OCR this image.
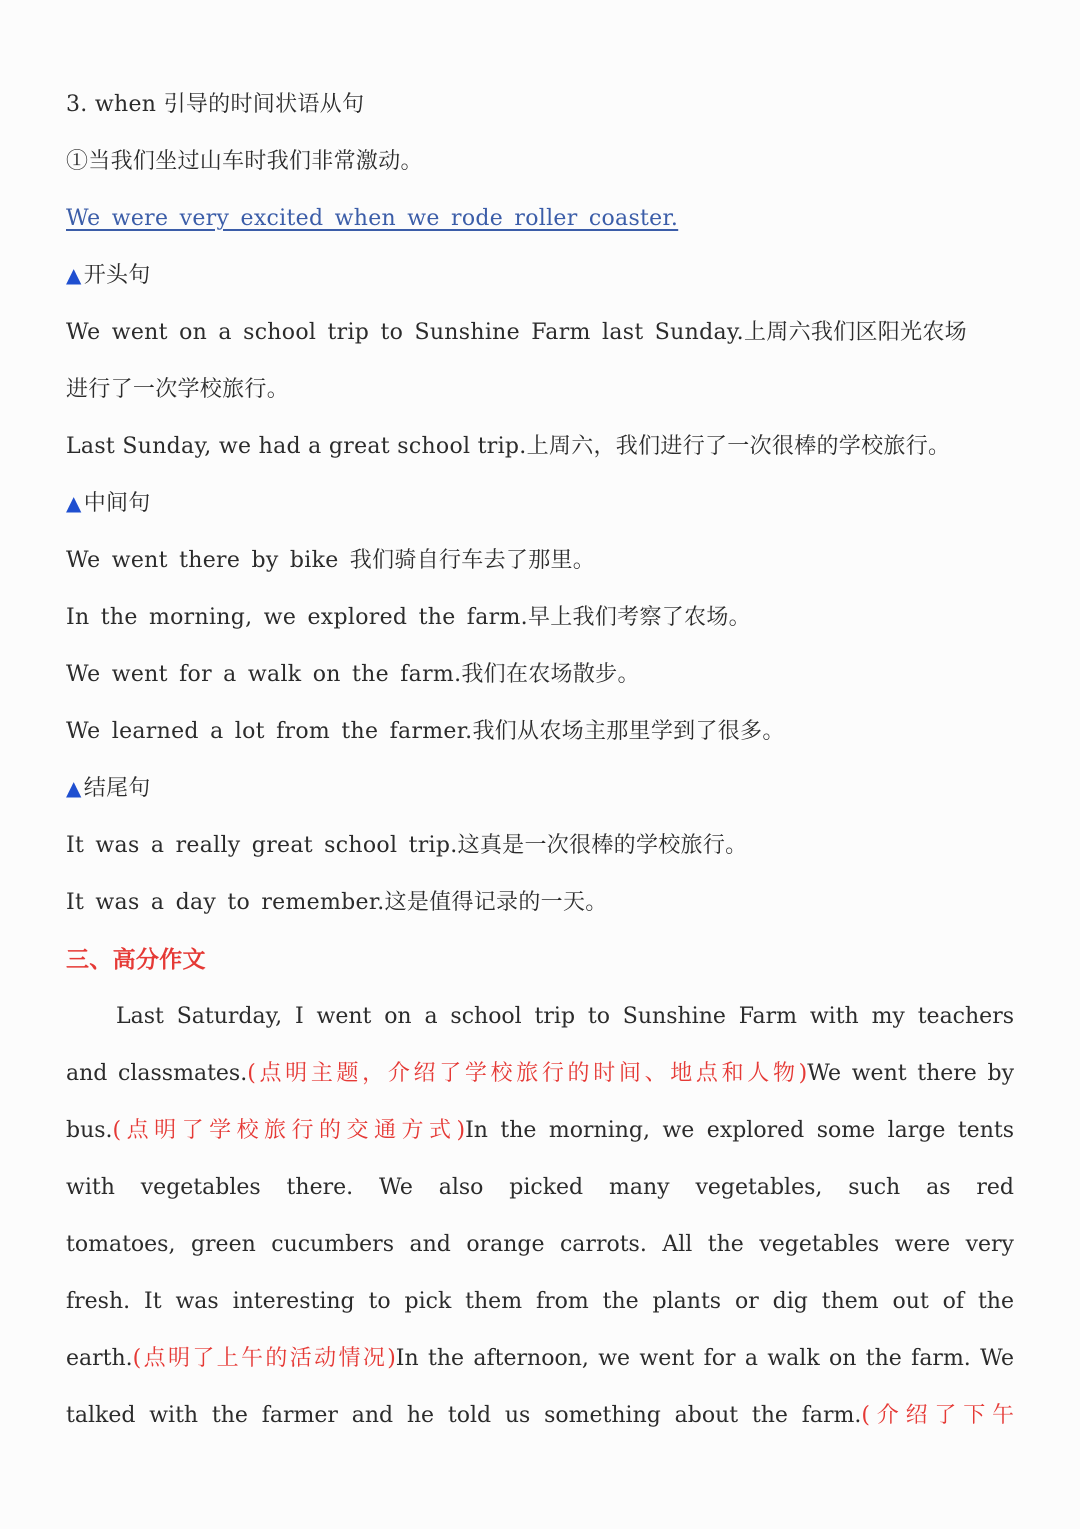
3. when 引导的时间状语从句
①当我们坐过山车时我们非常激动。
We were very excited when we rode roller coaster.
▲开头句
We went on a school trip to Sunshine Farm last Sunday.上周六我们区阳光农场
进行了一次学校旅行。
Last Sunday, we had a great school trip.上周六，我们进行了一次很棒的学校旅行。
▲中间句
We went there by bike 我们骑自行车去了那里。
In the morning, we explored the farm.早上我们考察了农场。
We went for a walk on the farm.我们在农场散步。
We learned a lot from the farmer.我们从农场主那里学到了很多。
▲结尾句
It was a really great school trip.这真是一次很棒的学校旅行。
It was a day to remember.这是值得记录的一天。
三、高分作文
Last Saturday, I went on a school trip to Sunshine Farm with my teachers
and classmates.(点明主题，介绍了学校旅行的时间、地点和人物)We went there by
bus.(点明了学校旅行的交通方式)In the morning, we explored some large tents
with vegetables there. We also picked many vegetables, such as red
tomatoes, green cucumbers and orange carrots. All the vegetables were very
fresh. It was interesting to pick them from the plants or dig them out of the
earth.(点明了上午的活动情况)In the afternoon, we went for a walk on the farm. We
talked with the farmer and he told us something about the farm.(介绍了下午
